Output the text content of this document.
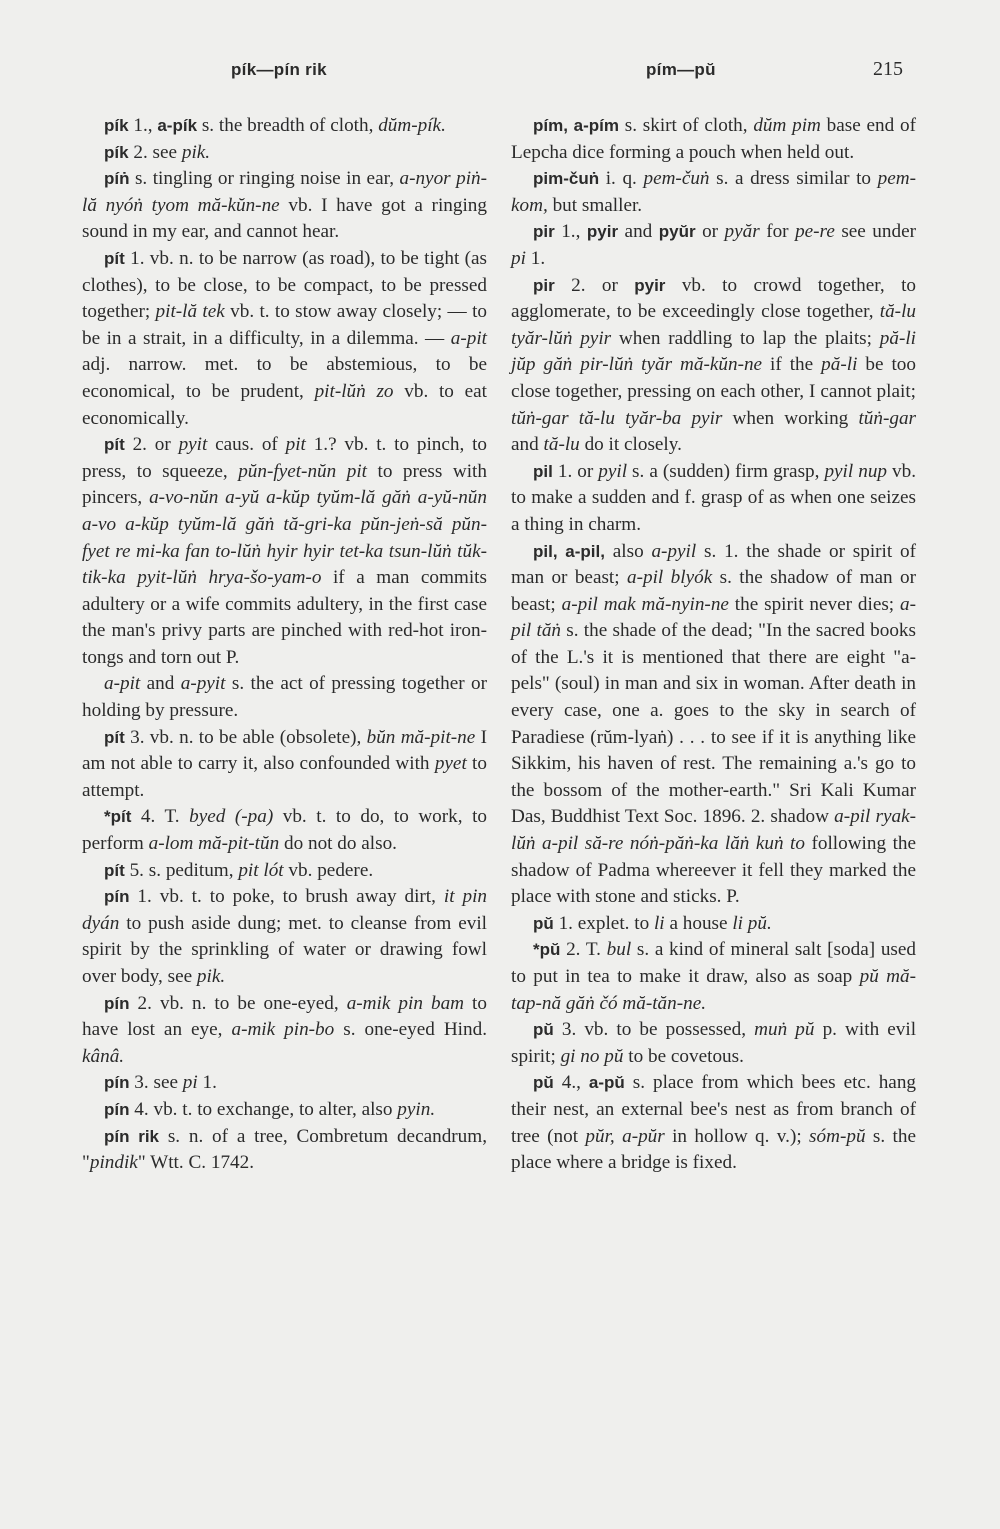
pík—pín rik	pím—pŭ	215

pík 1., a-pík s. the breadth of cloth, dŭm-pík.

pík 2. see pik.

píṅ s. tingling or ringing noise in ear, a-nyor piṅ-lă nyóṅ tyom mă-kŭn-ne vb. I have got a ringing sound in my ear, and cannot hear.

pít 1. vb. n. to be narrow (as road), to be tight (as clothes), to be close, to be compact, to be pressed together; pit-lă tek vb. t. to stow away closely; — to be in a strait, in a difficulty, in a dilemma. — a-pit adj. narrow. met. to be abstemious, to be economical, to be prudent, pit-lŭṅ zo vb. to eat economically.

pít 2. or pyit caus. of pit 1.? vb. t. to pinch, to press, to squeeze, pŭn-fyet-nŭn pit to press with pincers, a-vo-nŭn a-yŭ a-kŭp tyŭm-lă găṅ a-yŭ-nŭn a-vo a-kŭp tyŭm-lă găṅ tă-gri-ka pŭn-jeṅ-să pŭn-fyet re mi-ka fan to-lŭṅ hyir hyir tet-ka tsun-lŭṅ tŭk-tik-ka pyit-lŭṅ hrya-šo-yam-o if a man commits adultery or a wife commits adultery, in the first case the man's privy parts are pinched with red-hot iron-tongs and torn out P.

a-pit and a-pyit s. the act of pressing together or holding by pressure.

pít 3. vb. n. to be able (obsolete), bŭn mă-pit-ne I am not able to carry it, also confounded with pyet to attempt.

*pít 4. T. byed (-pa) vb. t. to do, to work, to perform a-lom mă-pit-tŭn do not do also.

pít 5. s. peditum, pit lót vb. pedere.

pín 1. vb. t. to poke, to brush away dirt, it pin dyán to push aside dung; met. to cleanse from evil spirit by the sprinkling of water or drawing fowl over body, see pik.

pín 2. vb. n. to be one-eyed, a-mik pin bam to have lost an eye, a-mik pin-bo s. one-eyed Hind. kânâ.

pín 3. see pi 1.

pín 4. vb. t. to exchange, to alter, also pyin.

pín rik s. n. of a tree, Combretum decandrum, "pindik" Wtt. C. 1742.

pím, a-pím s. skirt of cloth, dŭm pim base end of Lepcha dice forming a pouch when held out.

pim-čuṅ i. q. pem-čuṅ s. a dress similar to pem-kom, but smaller.

pir 1., pyir and pyŭr or pyăr for pe-re see under pi 1.

pir 2. or pyir vb. to crowd together, to agglomerate, to be exceedingly close together, tă-lu tyăr-lŭṅ pyir when raddling to lap the plaits; pă-li jŭp găṅ pir-lŭṅ tyăr mă-kŭn-ne if the pă-li be too close together, pressing on each other, I cannot plait; tŭṅ-gar tă-lu tyăr-ba pyir when working tŭṅ-gar and tă-lu do it closely.

pil 1. or pyil s. a (sudden) firm grasp, pyil nup vb. to make a sudden and f. grasp of as when one seizes a thing in charm.

pil, a-pil, also a-pyil s. 1. the shade or spirit of man or beast; a-pil blyók s. the shadow of man or beast; a-pil mak mă-nyin-ne the spirit never dies; a-pil tăṅ s. the shade of the dead; "In the sacred books of the L.'s it is mentioned that there are eight "a-pels" (soul) in man and six in woman. After death in every case, one a. goes to the sky in search of Paradiese (rŭm-lyaṅ) . . . to see if it is anything like Sikkim, his haven of rest. The remaining a.'s go to the bossom of the mother-earth." Sri Kali Kumar Das, Buddhist Text Soc. 1896. 2. shadow a-pil ryak-lŭṅ a-pil să-re nóṅ-păṅ-ka lăṅ kuṅ to following the shadow of Padma whereever it fell they marked the place with stone and sticks. P.

pŭ 1. explet. to li a house li pŭ.

*pŭ 2. T. bul s. a kind of mineral salt [soda] used to put in tea to make it draw, also as soap pŭ mă-tap-nă găṅ čó mă-tăn-ne.

pŭ 3. vb. to be possessed, muṅ pŭ p. with evil spirit; gi no pŭ to be covetous.

pŭ 4., a-pŭ s. place from which bees etc. hang their nest, an external bee's nest as from branch of tree (not pŭr, a-pŭr in hollow q. v.); sóm-pŭ s. the place where a bridge is fixed.
